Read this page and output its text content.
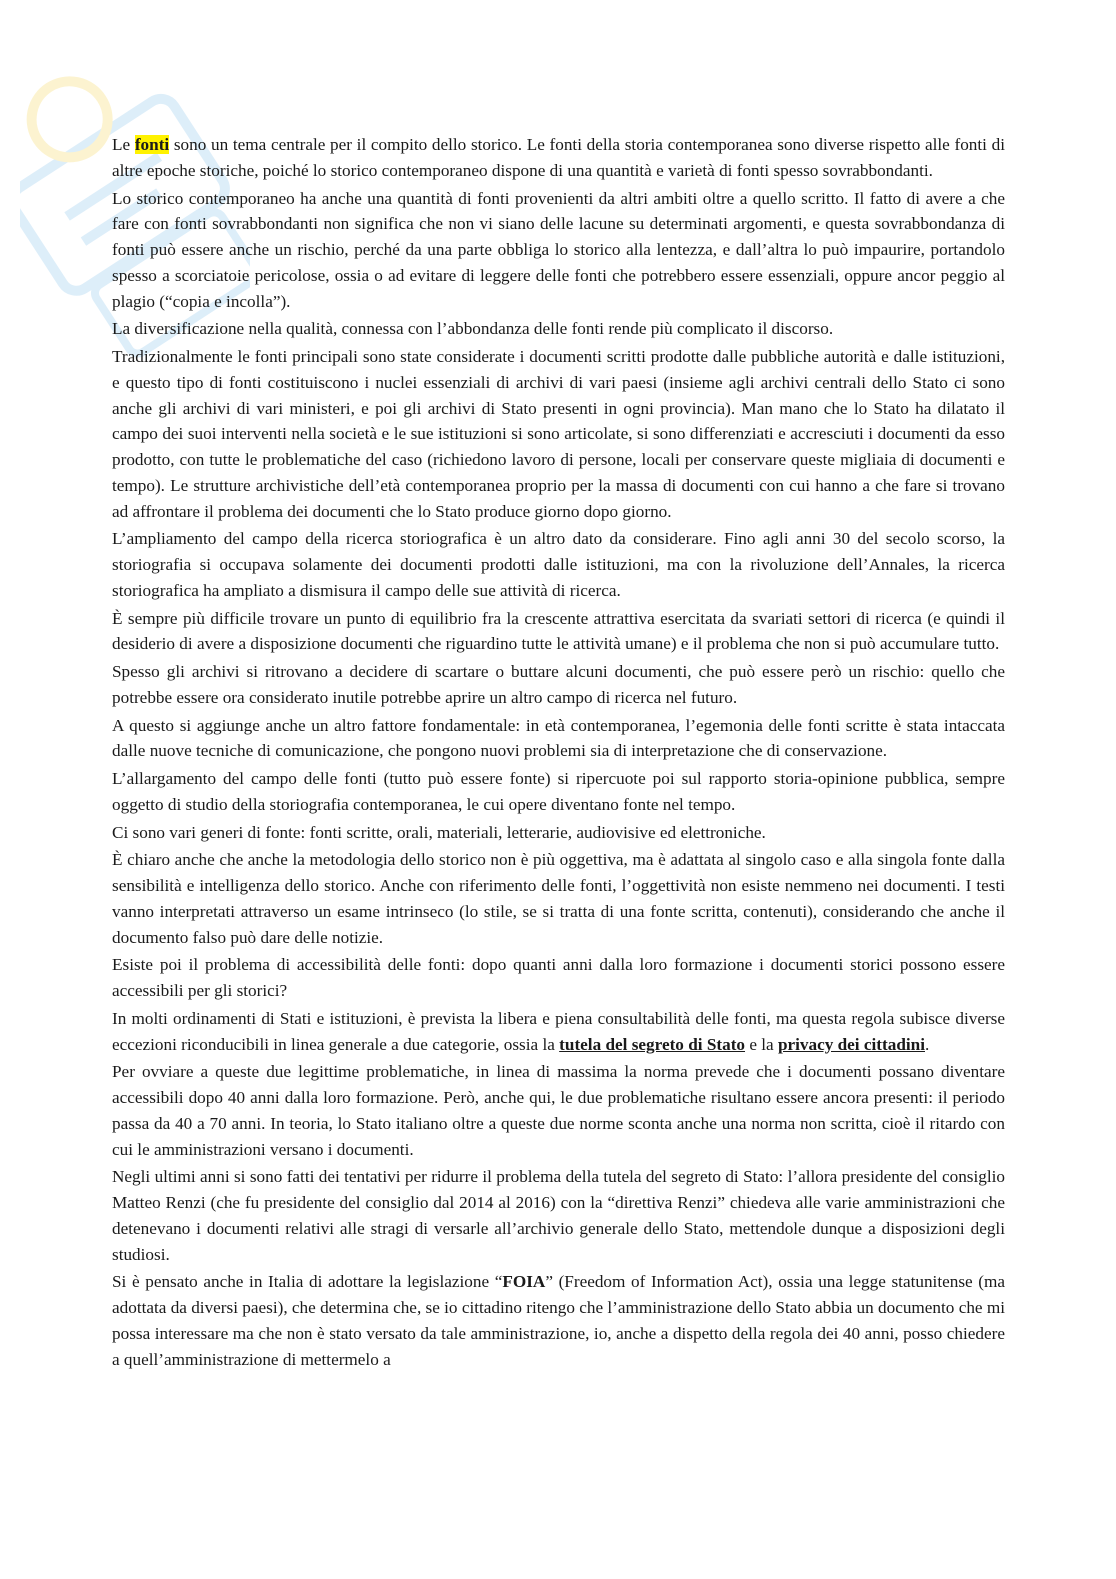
Le fonti sono un tema centrale per il compito dello storico. Le fonti della storia contemporanea sono diverse rispetto alle fonti di altre epoche storiche, poiché lo storico contemporaneo dispone di una quantità e varietà di fonti spesso sovrabbondanti.

Lo storico contemporaneo ha anche una quantità di fonti provenienti da altri ambiti oltre a quello scritto. Il fatto di avere a che fare con fonti sovrabbondanti non significa che non vi siano delle lacune su determinati argomenti, e questa sovrabbondanza di fonti può essere anche un rischio, perché da una parte obbliga lo storico alla lentezza, e dall’altra lo può impaurire, portandolo spesso a scorciatoie pericolose, ossia o ad evitare di leggere delle fonti che potrebbero essere essenziali, oppure ancor peggio al plagio (“copia e incolla”).

La diversificazione nella qualità, connessa con l’abbondanza delle fonti rende più complicato il discorso.

Tradizionalmente le fonti principali sono state considerate i documenti scritti prodotte dalle pubbliche autorità e dalle istituzioni, e questo tipo di fonti costituiscono i nuclei essenziali di archivi di vari paesi (insieme agli archivi centrali dello Stato ci sono anche gli archivi di vari ministeri, e poi gli archivi di Stato presenti in ogni provincia). Man mano che lo Stato ha dilatato il campo dei suoi interventi nella società e le sue istituzioni si sono articolate, si sono differenziati e accresciuti i documenti da esso prodotto, con tutte le problematiche del caso (richiedono lavoro di persone, locali per conservare queste migliaia di documenti e tempo). Le strutture archivistiche dell’età contemporanea proprio per la massa di documenti con cui hanno a che fare si trovano ad affrontare il problema dei documenti che lo Stato produce giorno dopo giorno.

L’ampliamento del campo della ricerca storiografica è un altro dato da considerare. Fino agli anni 30 del secolo scorso, la storiografia si occupava solamente dei documenti prodotti dalle istituzioni, ma con la rivoluzione dell’Annales, la ricerca storiografica ha ampliato a dismisura il campo delle sue attività di ricerca.

È sempre più difficile trovare un punto di equilibrio fra la crescente attrattiva esercitata da svariati settori di ricerca (e quindi il desiderio di avere a disposizione documenti che riguardino tutte le attività umane) e il problema che non si può accumulare tutto.

Spesso gli archivi si ritrovano a decidere di scartare o buttare alcuni documenti, che può essere però un rischio: quello che potrebbe essere ora considerato inutile potrebbe aprire un altro campo di ricerca nel futuro.

A questo si aggiunge anche un altro fattore fondamentale: in età contemporanea, l’egemonia delle fonti scritte è stata intaccata dalle nuove tecniche di comunicazione, che pongono nuovi problemi sia di interpretazione che di conservazione.

L’allargamento del campo delle fonti (tutto può essere fonte) si ripercuote poi sul rapporto storia-opinione pubblica, sempre oggetto di studio della storiografia contemporanea, le cui opere diventano fonte nel tempo.

Ci sono vari generi di fonte: fonti scritte, orali, materiali, letterarie, audiovisive ed elettroniche.

È chiaro anche che anche la metodologia dello storico non è più oggettiva, ma è adattata al singolo caso e alla singola fonte dalla sensibilità e intelligenza dello storico. Anche con riferimento delle fonti, l’oggettività non esiste nemmeno nei documenti. I testi vanno interpretati attraverso un esame intrinseco (lo stile, se si tratta di una fonte scritta, contenuti), considerando che anche il documento falso può dare delle notizie.

Esiste poi il problema di accessibilità delle fonti: dopo quanti anni dalla loro formazione i documenti storici possono essere accessibili per gli storici?

In molti ordinamenti di Stati e istituzioni, è prevista la libera e piena consultabilità delle fonti, ma questa regola subisce diverse eccezioni riconducibili in linea generale a due categorie, ossia la tutela del segreto di Stato e la privacy dei cittadini.

Per ovviare a queste due legittime problematiche, in linea di massima la norma prevede che i documenti possano diventare accessibili dopo 40 anni dalla loro formazione. Però, anche qui, le due problematiche risultano essere ancora presenti: il periodo passa da 40 a 70 anni. In teoria, lo Stato italiano oltre a queste due norme sconta anche una norma non scritta, cioè il ritardo con cui le amministrazioni versano i documenti.

Negli ultimi anni si sono fatti dei tentativi per ridurre il problema della tutela del segreto di Stato: l’allora presidente del consiglio Matteo Renzi (che fu presidente del consiglio dal 2014 al 2016) con la “direttiva Renzi” chiedeva alle varie amministrazioni che detenevano i documenti relativi alle stragi di versarle all’archivio generale dello Stato, mettendole dunque a disposizioni degli studiosi.

Si è pensato anche in Italia di adottare la legislazione “FOIA” (Freedom of Information Act), ossia una legge statunitense (ma adottata da diversi paesi), che determina che, se io cittadino ritengo che l’amministrazione dello Stato abbia un documento che mi possa interessare ma che non è stato versato da tale amministrazione, io, anche a dispetto della regola dei 40 anni, posso chiedere a quell’amministrazione di mettermelo a
